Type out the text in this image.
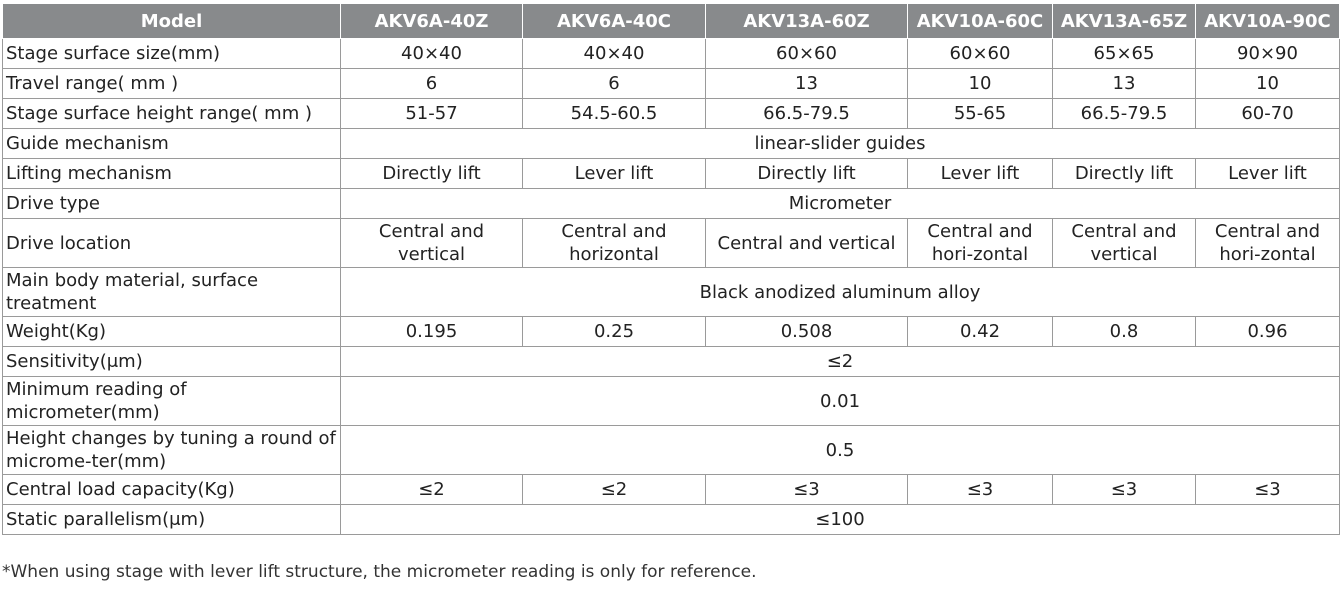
Model	AKV6A-40Z	AKV6A-40C	AKV13A-60Z	AKV10A-60C	AKV13A-65Z	AKV10A-90C
Stage surface size(mm)	40×40	40×40	60×60	60×60	65×65	90×90
Travel range( mm )	6	6	13	10	13	10
Stage surface height range( mm )	51-57	54.5-60.5	66.5-79.5	55-65	66.5-79.5	60-70
Guide mechanism	linear-slider guides					
Lifting mechanism	Directly lift	Lever lift	Directly lift	Lever lift	Directly lift	Lever lift
Drive type	Micrometer					
Drive location	Central and vertical	Central and horizontal	Central and vertical	Central and hori-zontal	Central and vertical	Central and hori-zontal
Main body material, surface treatment	Black anodized aluminum alloy					
Weight(Kg)	0.195	0.25	0.508	0.42	0.8	0.96
Sensitivity(μm)	≤2					
Minimum reading of micrometer(mm)	0.01					
Height changes by tuning a round of microme-ter(mm)	0.5					
Central load capacity(Kg)	≤2	≤2	≤3	≤3	≤3	≤3
Static parallelism(μm)	≤100					
*When using stage with lever lift structure, the micrometer reading is only for reference.
